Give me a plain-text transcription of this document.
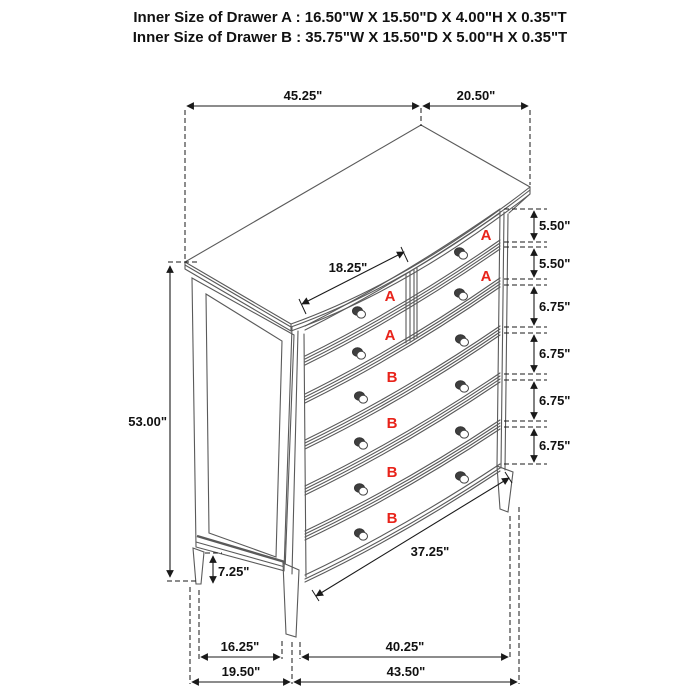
Inner Size of Drawer A : 16.50"W X 15.50"D X 4.00"H X 0.35"T
Inner Size of Drawer B : 35.75"W X 15.50"D X 5.00"H X 0.35"T
A
A
A
A
B
B
B
B
45.25"	20.50"
53.00"
7.25"
5.50"
5.50"
6.75"
6.75"
6.75"
6.75"
18.25"
37.25"
16.25"	40.25"
19.50"	43.50"
